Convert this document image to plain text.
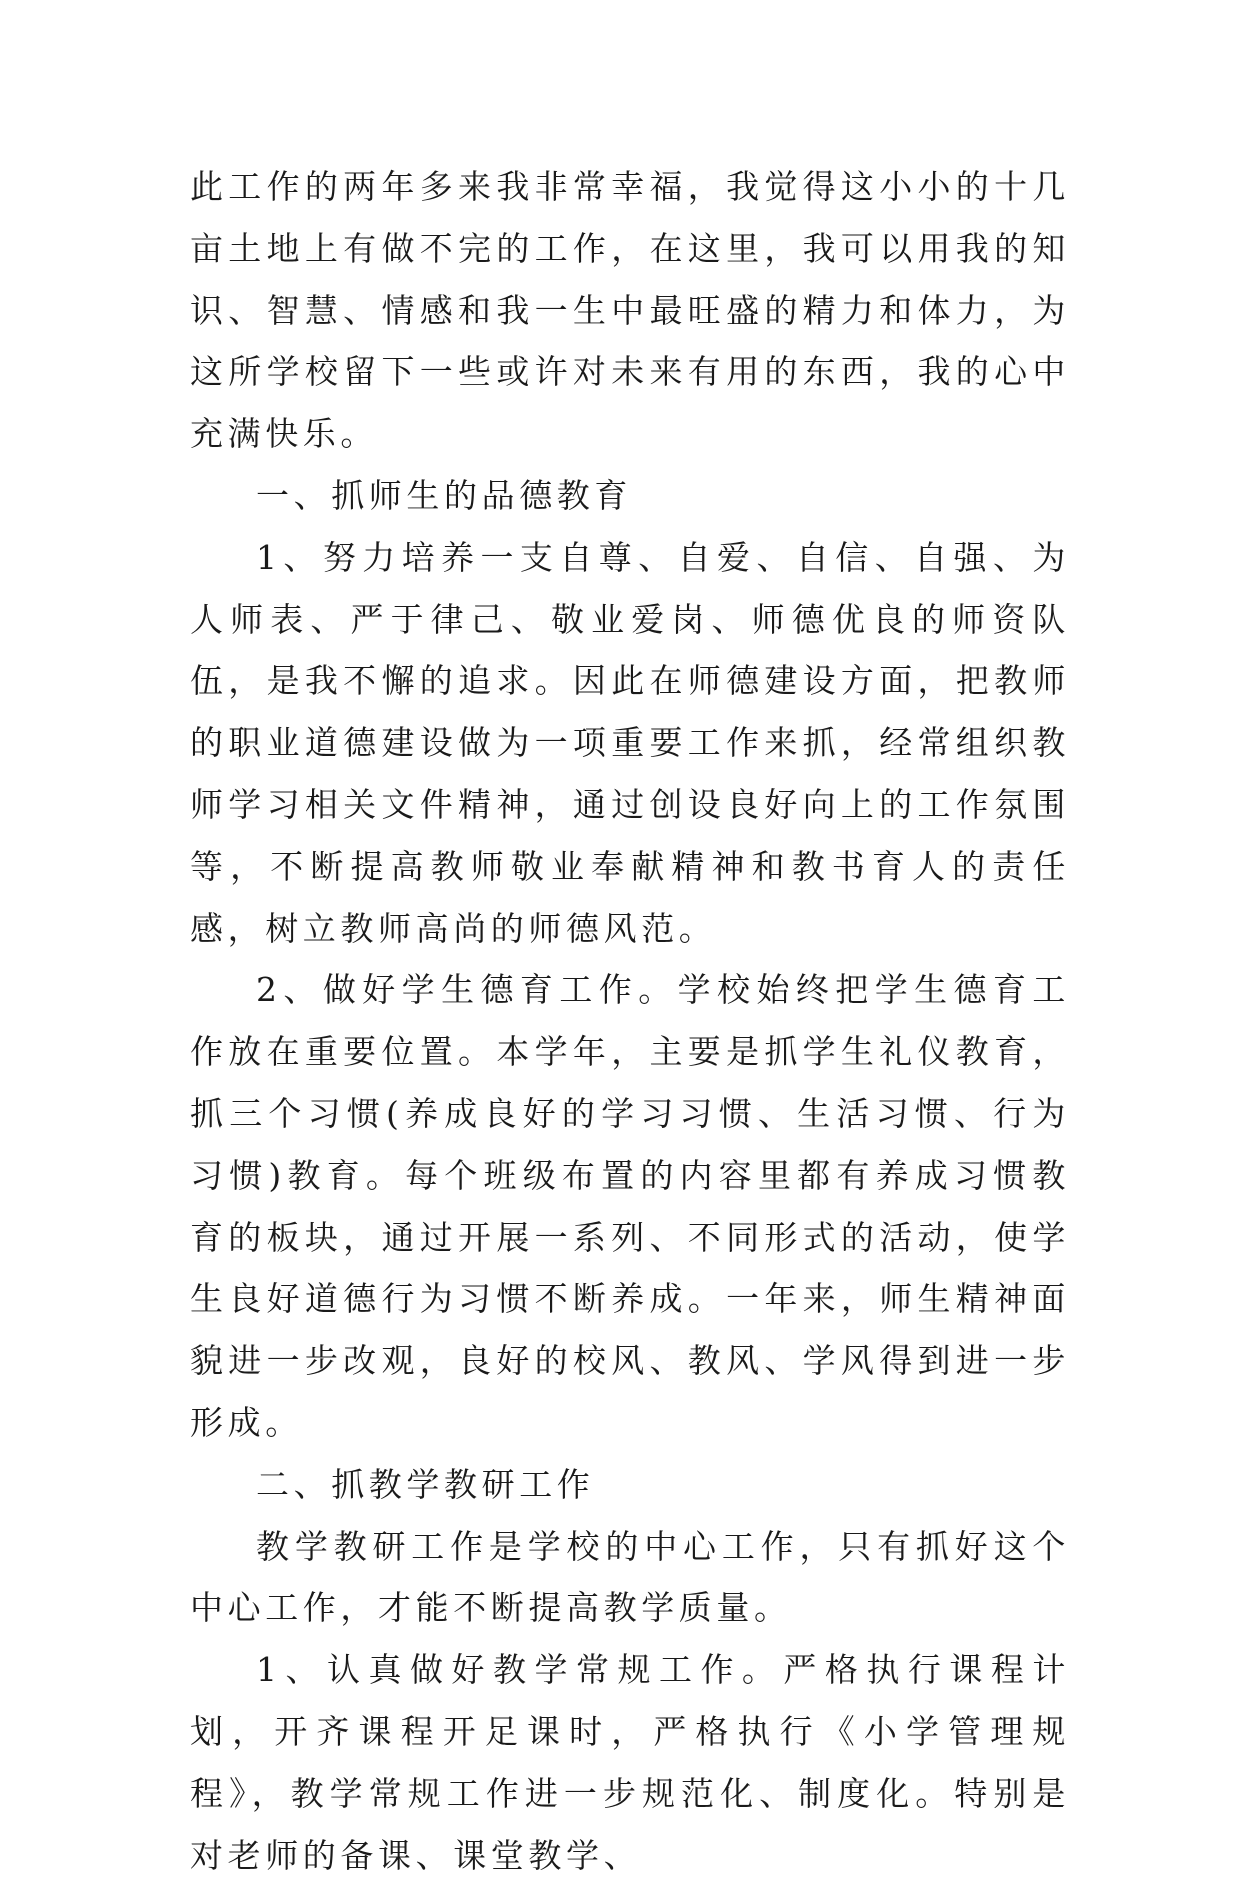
此工作的两年多来我非常幸福，我觉得这小小的十几亩土地上有做不完的工作，在这里，我可以用我的知识、智慧、情感和我一生中最旺盛的精力和体力，为这所学校留下一些或许对未来有用的东西，我的心中充满快乐。

一、抓师生的品德教育

1、努力培养一支自尊、自爱、自信、自强、为人师表、严于律己、敬业爱岗、师德优良的师资队伍，是我不懈的追求。因此在师德建设方面，把教师的职业道德建设做为一项重要工作来抓，经常组织教师学习相关文件精神，通过创设良好向上的工作氛围等，不断提高教师敬业奉献精神和教书育人的责任感，树立教师高尚的师德风范。

2、做好学生德育工作。学校始终把学生德育工作放在重要位置。本学年，主要是抓学生礼仪教育，抓三个习惯(养成良好的学习习惯、生活习惯、行为习惯)教育。每个班级布置的内容里都有养成习惯教育的板块，通过开展一系列、不同形式的活动，使学生良好道德行为习惯不断养成。一年来，师生精神面貌进一步改观，良好的校风、教风、学风得到进一步形成。

二、抓教学教研工作

教学教研工作是学校的中心工作，只有抓好这个中心工作，才能不断提高教学质量。

1、认真做好教学常规工作。严格执行课程计划，开齐课程开足课时，严格执行《小学管理规程》，教学常规工作进一步规范化、制度化。特别是对老师的备课、课堂教学、
